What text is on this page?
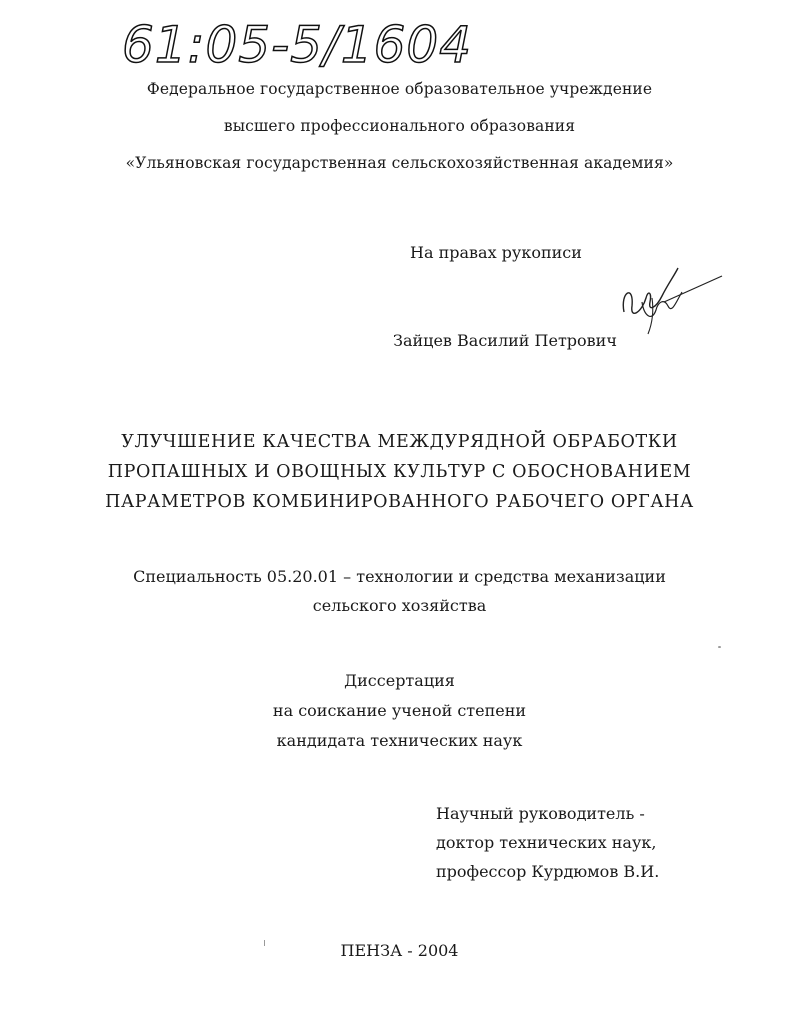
61:05-5/1604
Федеральное государственное образовательное учреждение
высшего профессионального образования
«Ульяновская государственная сельскохозяйственная академия»
На правах рукописи
Зайцев Василий Петрович
УЛУЧШЕНИЕ КАЧЕСТВА МЕЖДУРЯДНОЙ ОБРАБОТКИ
ПРОПАШНЫХ И ОВОЩНЫХ КУЛЬТУР С ОБОСНОВАНИЕМ
ПАРАМЕТРОВ КОМБИНИРОВАННОГО РАБОЧЕГО ОРГАНА
Специальность 05.20.01 – технологии и средства механизации
сельского хозяйства
Диссертация
на соискание ученой степени
кандидата технических наук
Научный руководитель -
доктор технических наук,
профессор Курдюмов В.И.
ПЕНЗА - 2004
